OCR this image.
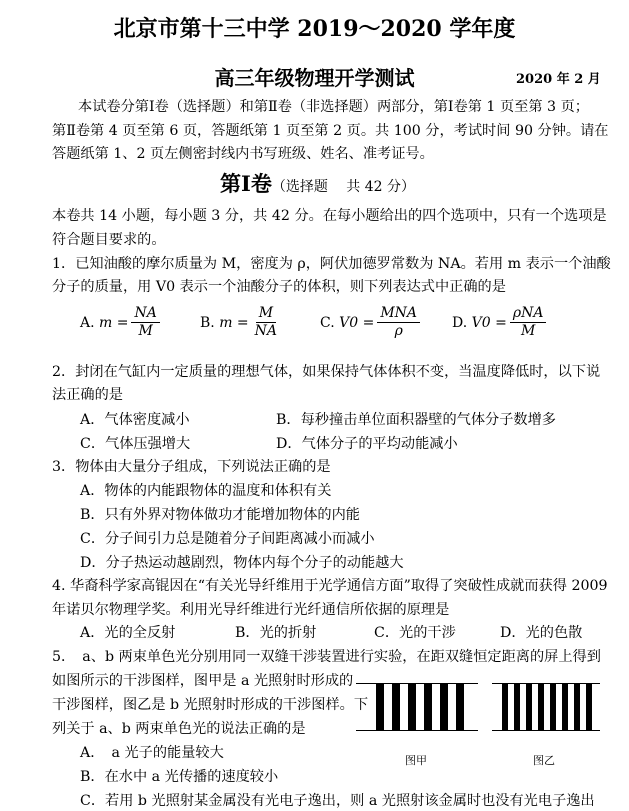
北京市第十三中学 2019～2020 学年度
高三年级物理开学测试	2020 年 2 月
本试卷分第Ⅰ卷（选择题）和第Ⅱ卷（非选择题）两部分，第Ⅰ卷第 1 页至第 3 页；
第Ⅱ卷第 4 页至第 6 页，答题纸第 1 页至第 2 页。共 100 分，考试时间 90 分钟。请在
答题纸第 1、2 页左侧密封线内书写班级、姓名、准考证号。
第Ⅰ卷（选择题　 共 42 分）
本卷共 14 小题，每小题 3 分，共 42 分。在每小题给出的四个选项中，只有一个选项是
符合题目要求的。
1．已知油酸的摩尔质量为 M，密度为 ρ，阿伏加德罗常数为 NA。若用 m 表示一个油酸
分子的质量，用 V0 表示一个油酸分子的体积，则下列表达式中正确的是
A.
$m = \frac{NA}{M}$	B.
$m = \frac{M}{NA}$	C.
$V0 = \frac{\text{MNA}}{\rho} D$.
$V0 = \frac{\text{ρNA}}{M}$
2．封闭在气缸内一定质量的理想气体，如果保持气体体积不变，当温度降低时，以下说
法正确的是
A．气体密度减小	B．每秒撞击单位面积器壁的气体分子数增多
C．气体压强增大	D．气体分子的平均动能减小
3．物体由大量分子组成，下列说法正确的是
A．物体的内能跟物体的温度和体积有关
B．只有外界对物体做功才能增加物体的内能
C．分子间引力总是随着分子间距离减小而减小
D．分子热运动越剧烈，物体内每个分子的动能越大
4. 华裔科学家高锟因在“有关光导纤维用于光学通信方面”取得了突破性成就而获得 2009
年诺贝尔物理学奖。利用光导纤维进行光纤通信所依据的原理是
A．光的全反射	B．光的折射	C．光的干涉	D．光的色散
5．　a、b 两束单色光分别用同一双缝干涉装置进行实验，在距双缝恒定距离的屏上得到
如图所示的干涉图样，图甲是 a 光照射时形成的
干涉图样，图乙是 b 光照射时形成的干涉图样。下
列关于 a、b 两束单色光的说法正确的是
A．　a 光子的能量较大
B．在水中 a 光传播的速度较小
C．若用 b 光照射某金属没有光电子逸出，则 a 光照射该金属时也没有光电子逸出
图甲	图乙
